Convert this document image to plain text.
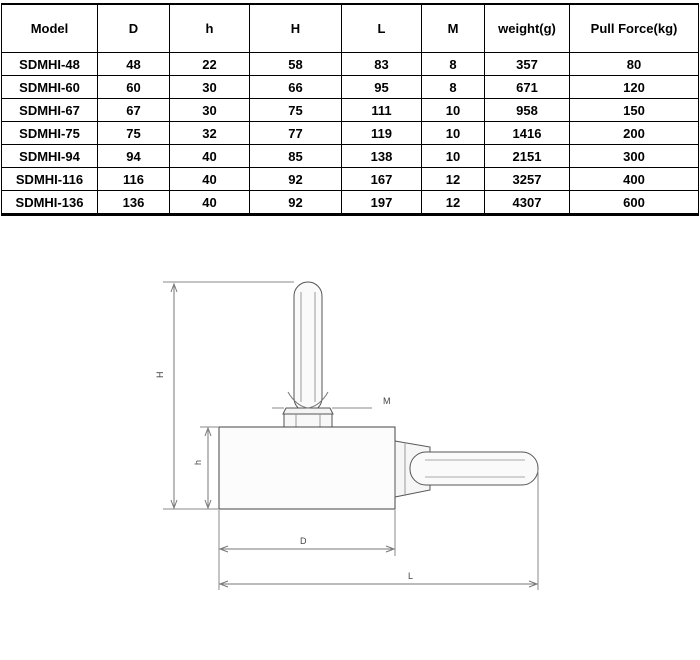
Model	D	h	H	L	M	weight(g)	Pull Force(kg)
SDMHI-48	48	22	58	83	8	357	80
SDMHI-60	60	30	66	95	8	671	120
SDMHI-67	67	30	75	111	10	958	150
SDMHI-75	75	32	77	119	10	1416	200
SDMHI-94	94	40	85	138	10	2151	300
SDMHI-116	116	40	92	167	12	3257	400
SDMHI-136	136	40	92	197	12	4307	600
H
h
M
D
L
